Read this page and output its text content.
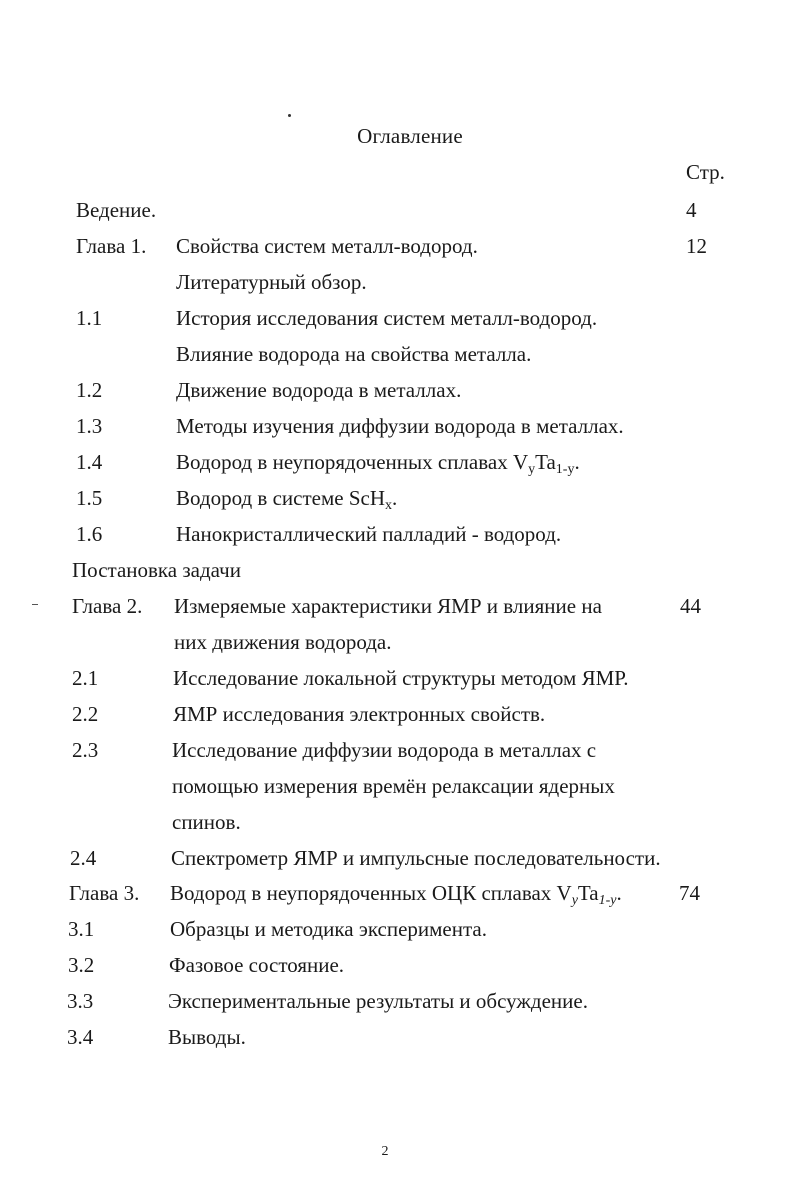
Оглавление
Стр.
Ведение.	4
Глава 1. Свойства систем металл-водород.	12
Литературный обзор.
1.1	История исследования систем металл-водород.
Влияние водорода на свойства металла.
1.2	Движение водорода в металлах.
1.3	Методы изучения диффузии водорода в металлах.
1.4	Водород в неупорядоченных сплавах $V_yTa_{1-y}$.
1.5	Водород в системе ScH$_x$.
1.6	Нанокристаллический палладий - водород.
Постановка задачи
Глава 2. Измеряемые характеристики ЯМР и влияние на	44
них движения водорода.
2.1	Исследование локальной структуры методом ЯМР.
2.2	ЯМР исследования электронных свойств.
2.3	Исследование диффузии водорода в металлах с
помощью измерения времён релаксации ядерных
спинов.
2.4	Спектрометр ЯМР и импульсные последовательности.
Глава 3. Водород в неупорядоченных ОЦК сплавах $V_yTa_{1-y}$.	74
3.1	Образцы и методика эксперимента.
3.2	Фазовое состояние.
3.3	Экспериментальные результаты и обсуждение.
3.4	Выводы.
2
